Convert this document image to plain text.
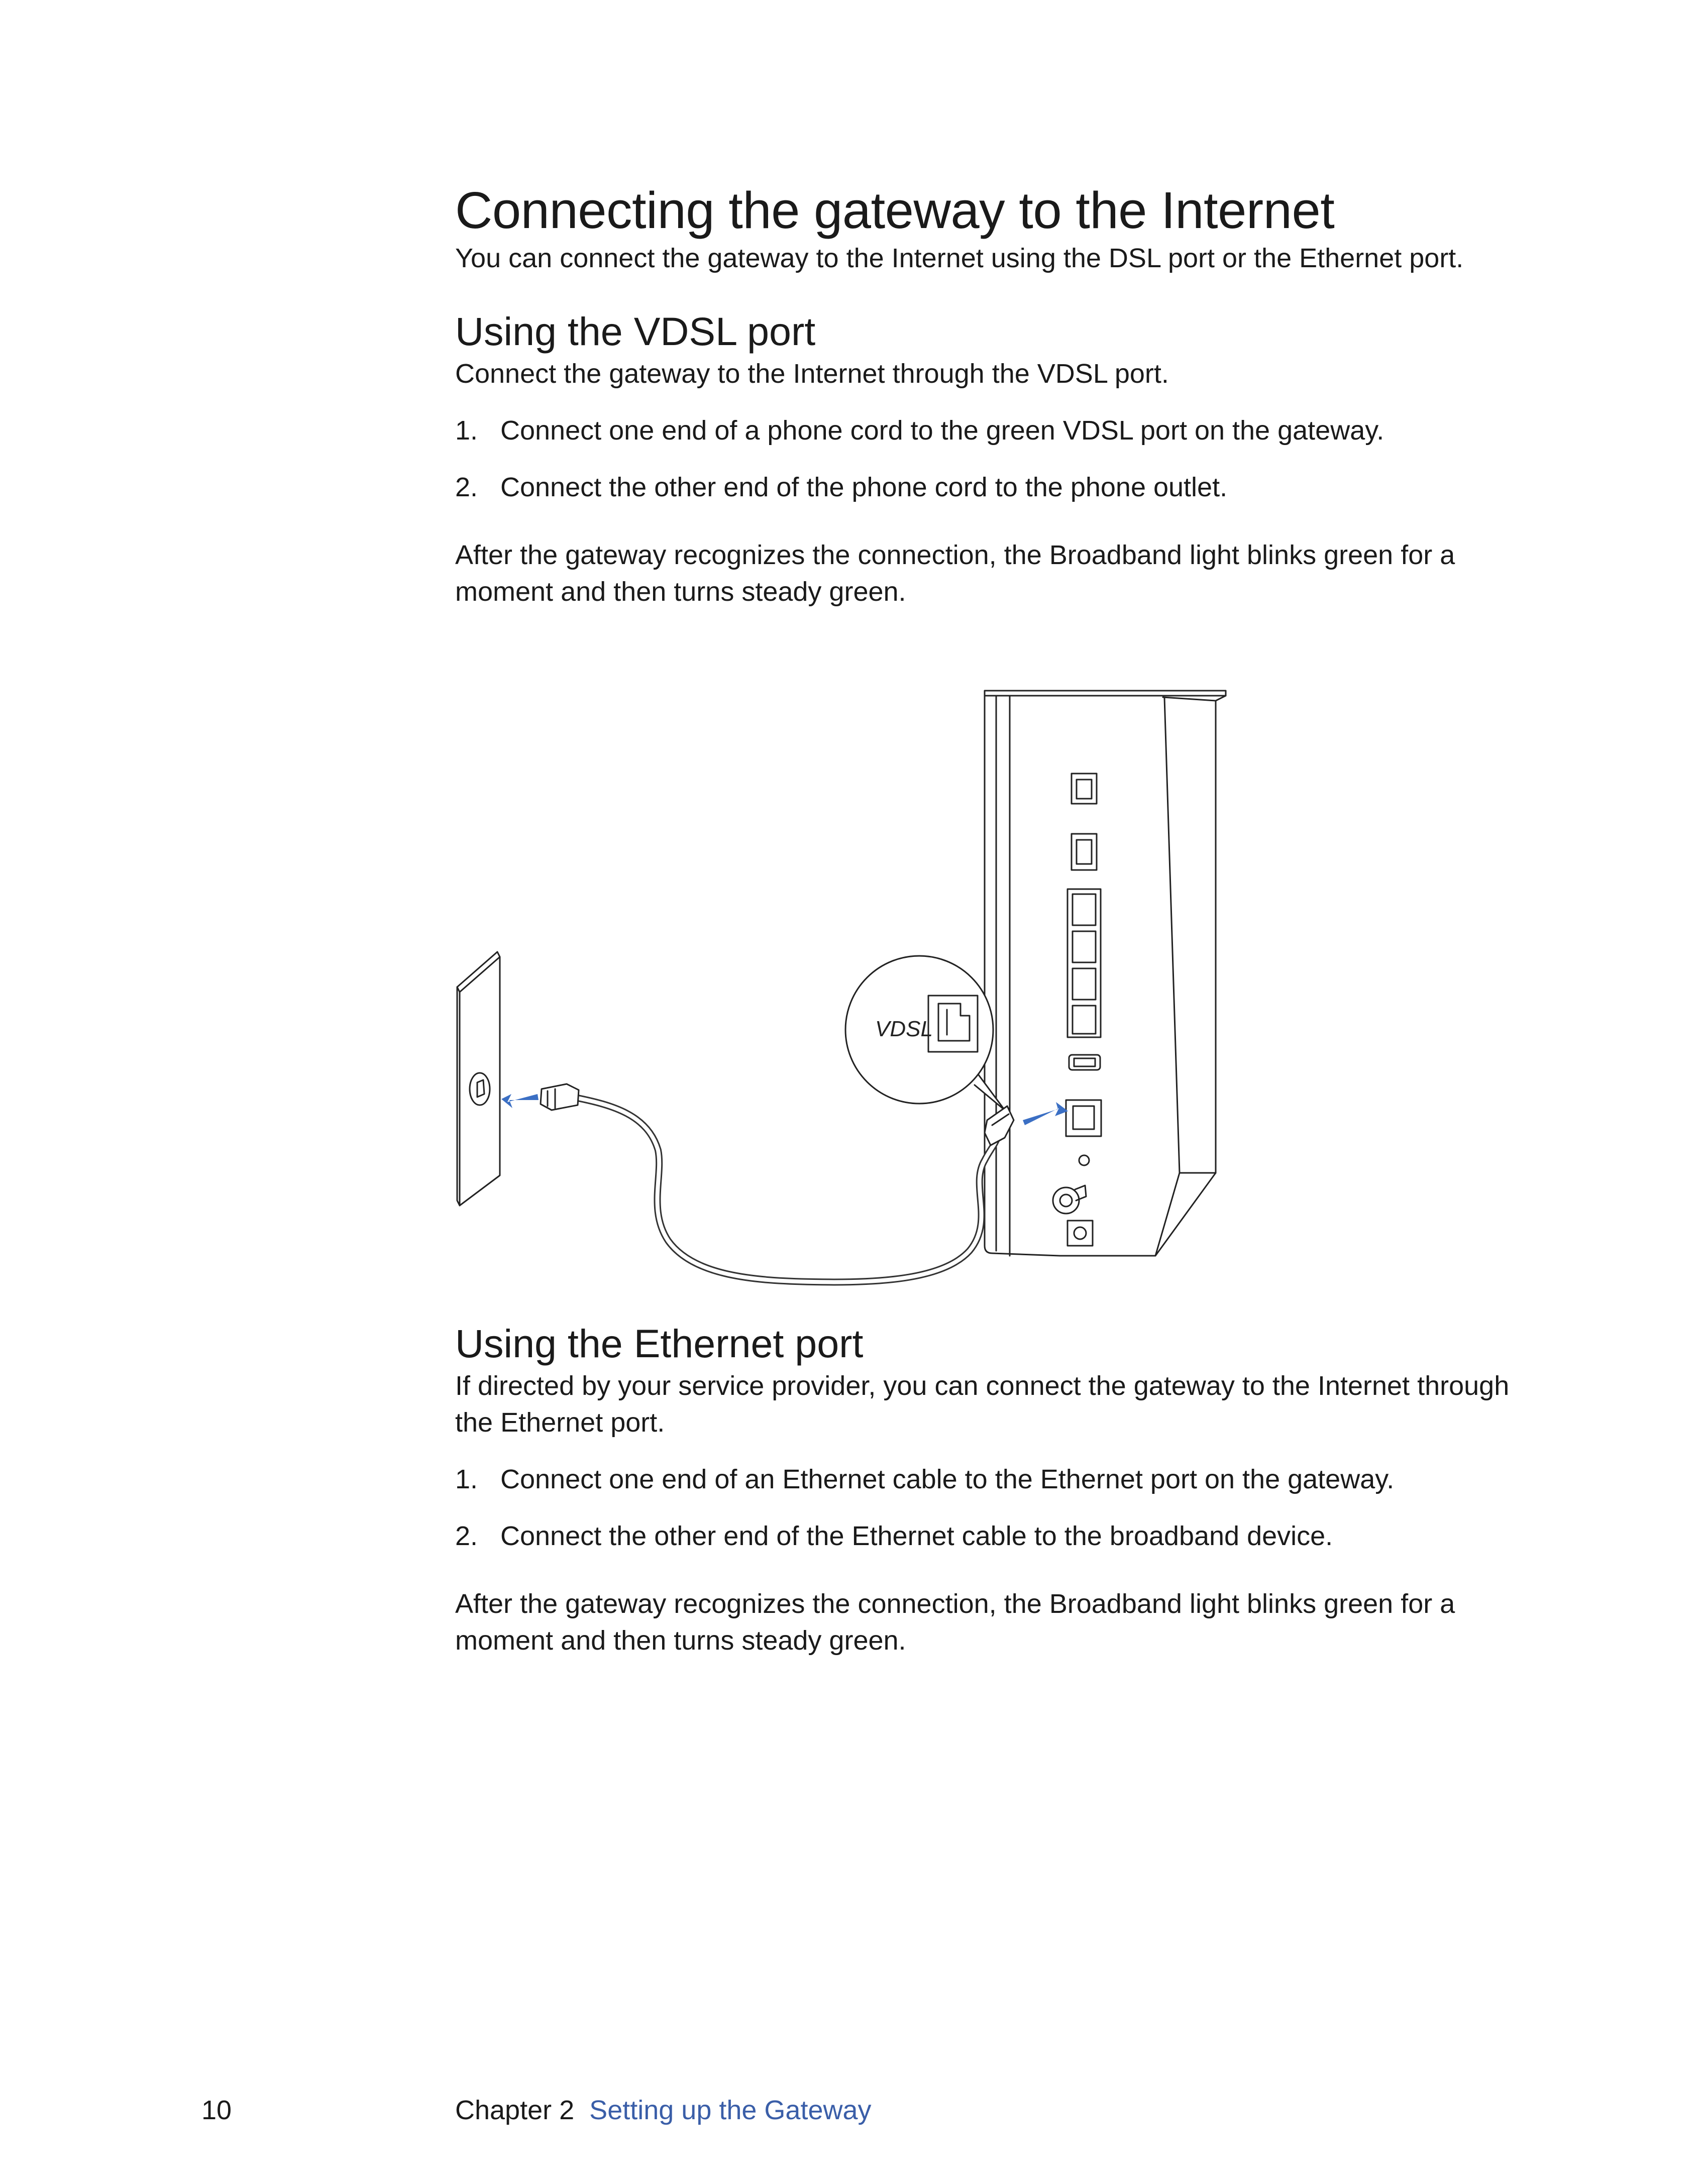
Connecting the gateway to the Internet

You can connect the gateway to the Internet using the DSL port or the Ethernet port.

Using the VDSL port

Connect the gateway to the Internet through the VDSL port.

1. Connect one end of a phone cord to the green VDSL port on the gateway.
2. Connect the other end of the phone cord to the phone outlet.

After the gateway recognizes the connection, the Broadband light blinks green for a moment and then turns steady green.

VDSL
Using the Ethernet port

If directed by your service provider, you can connect the gateway to the Internet through the Ethernet port.

1. Connect one end of an Ethernet cable to the Ethernet port on the gateway.
2. Connect the other end of the Ethernet cable to the broadband device.

After the gateway recognizes the connection, the Broadband light blinks green for a moment and then turns steady green.

10	Chapter 2 Setting up the Gateway
